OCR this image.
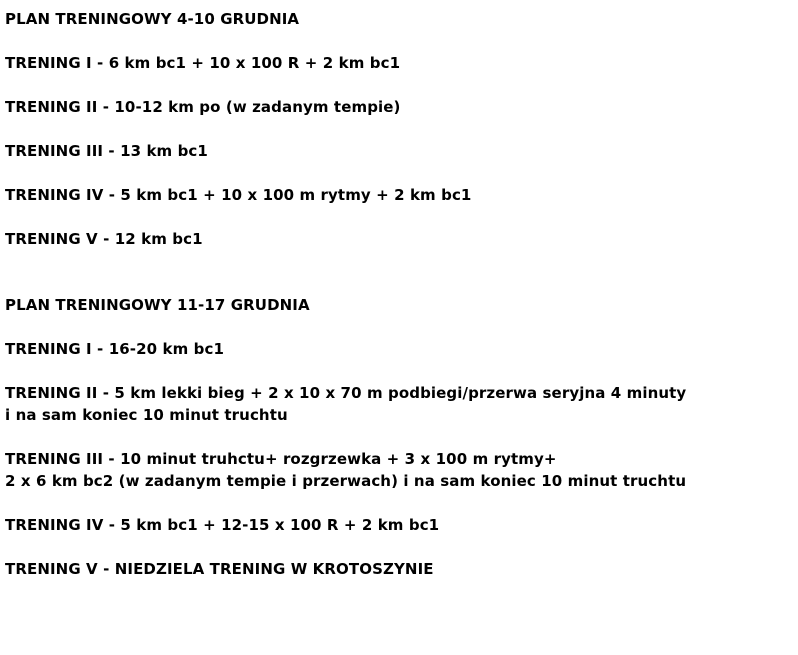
PLAN TRENINGOWY 4-10 GRUDNIA
TRENING I - 6 km bc1 + 10 x 100 R + 2 km bc1
TRENING II - 10-12 km po (w zadanym tempie)
TRENING III - 13 km bc1
TRENING IV - 5 km bc1 + 10 x 100 m rytmy + 2 km bc1
TRENING V - 12 km bc1
PLAN TRENINGOWY 11-17 GRUDNIA
TRENING I - 16-20 km bc1
TRENING II - 5 km lekki bieg + 2 x 10 x 70 m podbiegi/przerwa seryjna 4 minuty
i na sam koniec 10 minut truchtu
TRENING III - 10 minut truhctu+ rozgrzewka + 3 x 100 m rytmy+
2 x 6 km bc2 (w zadanym tempie i przerwach) i na sam koniec 10 minut truchtu
TRENING IV - 5 km bc1 + 12-15 x 100 R + 2 km bc1
TRENING V - NIEDZIELA TRENING W KROTOSZYNIE
